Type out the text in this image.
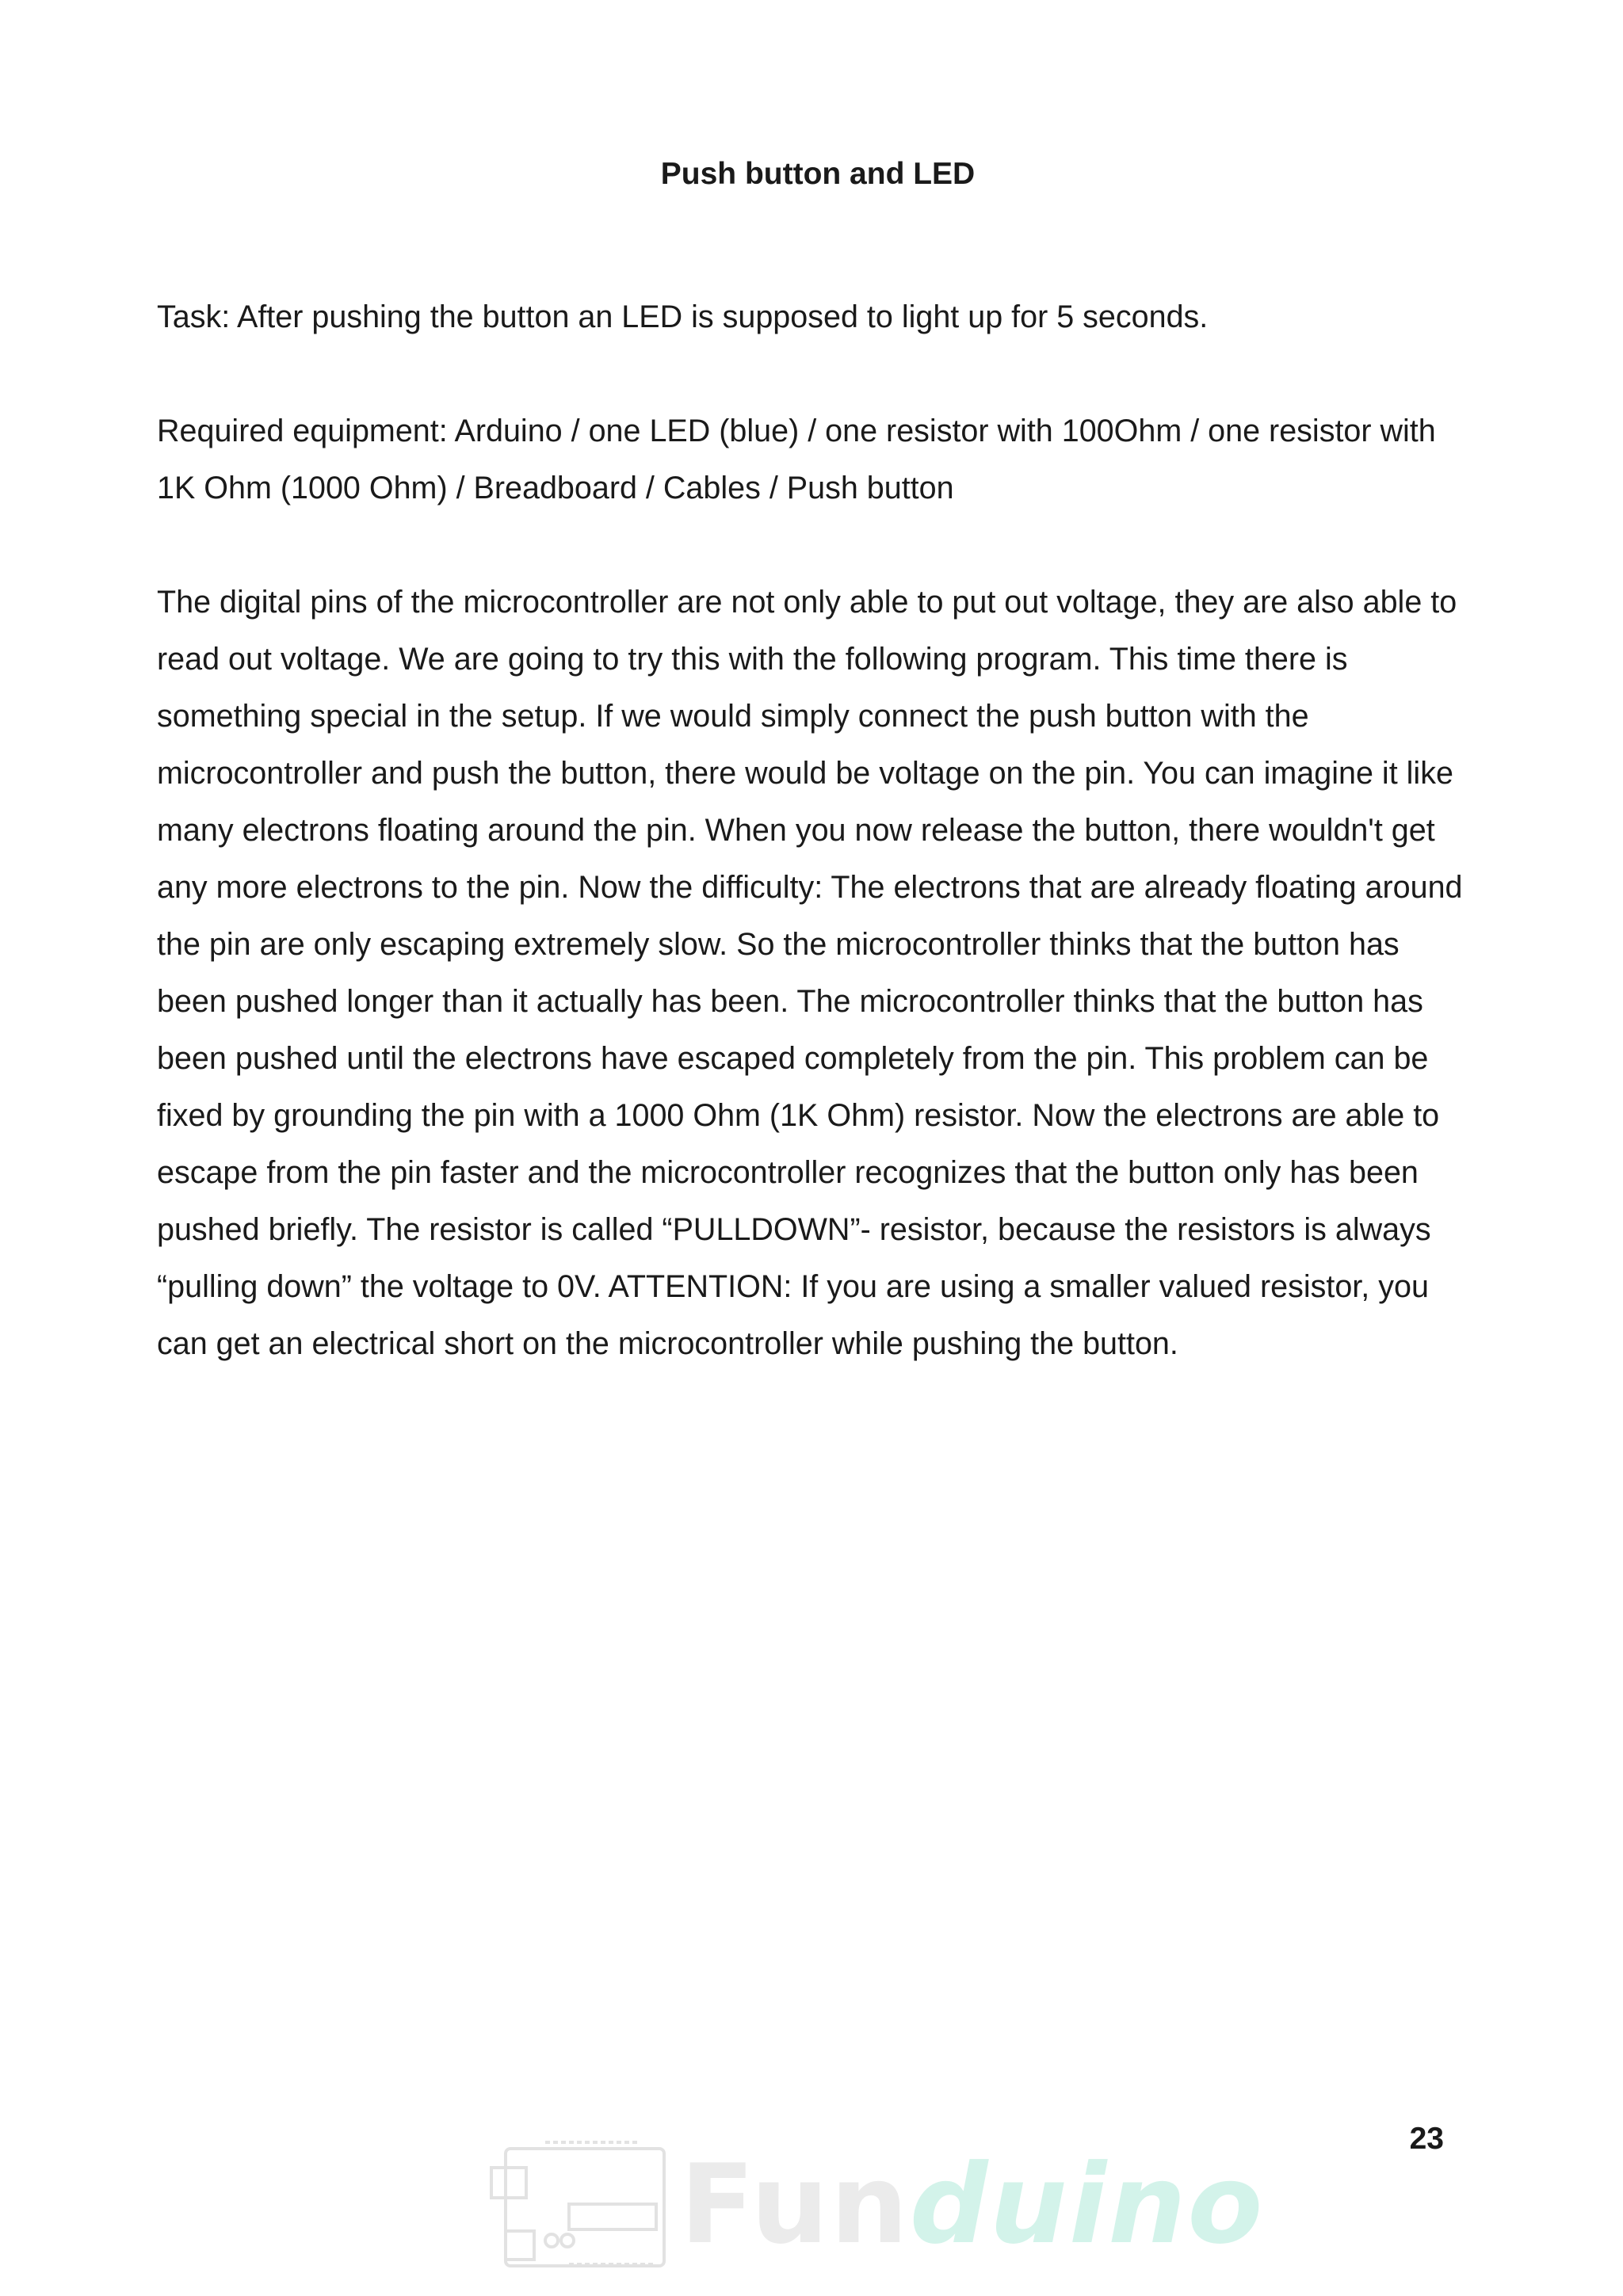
Push button and LED

Task: After pushing the button an LED is supposed to light up for 5 seconds.

Required equipment: Arduino / one LED (blue) / one resistor with 100Ohm / one resistor with 1K Ohm (1000 Ohm) / Breadboard / Cables / Push button

The digital pins of the microcontroller are not only able to put out voltage, they are also able to read out voltage. We are going to try this with the following program. This time there is something special in the setup. If we would simply connect the push button with the microcontroller and push the button, there would be voltage on the pin. You can imagine it like many electrons floating around the pin. When you now release the button, there wouldn't get any more electrons to the pin. Now the difficulty: The electrons that are already floating around the pin are only escaping extremely slow. So the microcontroller thinks that the button has been pushed longer than it actually has been. The microcontroller thinks that the button has been pushed until the electrons have escaped completely from the pin. This problem can be fixed by grounding the pin with a 1000 Ohm (1K Ohm) resistor. Now the electrons are able to escape from the pin faster and the microcontroller recognizes that the button only has been pushed briefly. The resistor is called “PULLDOWN”- resistor, because the resistors is always “pulling down” the voltage to 0V. ATTENTION: If you are using a smaller valued resistor, you can get an electrical short on the microcontroller while pushing the button.

23
Funduino
